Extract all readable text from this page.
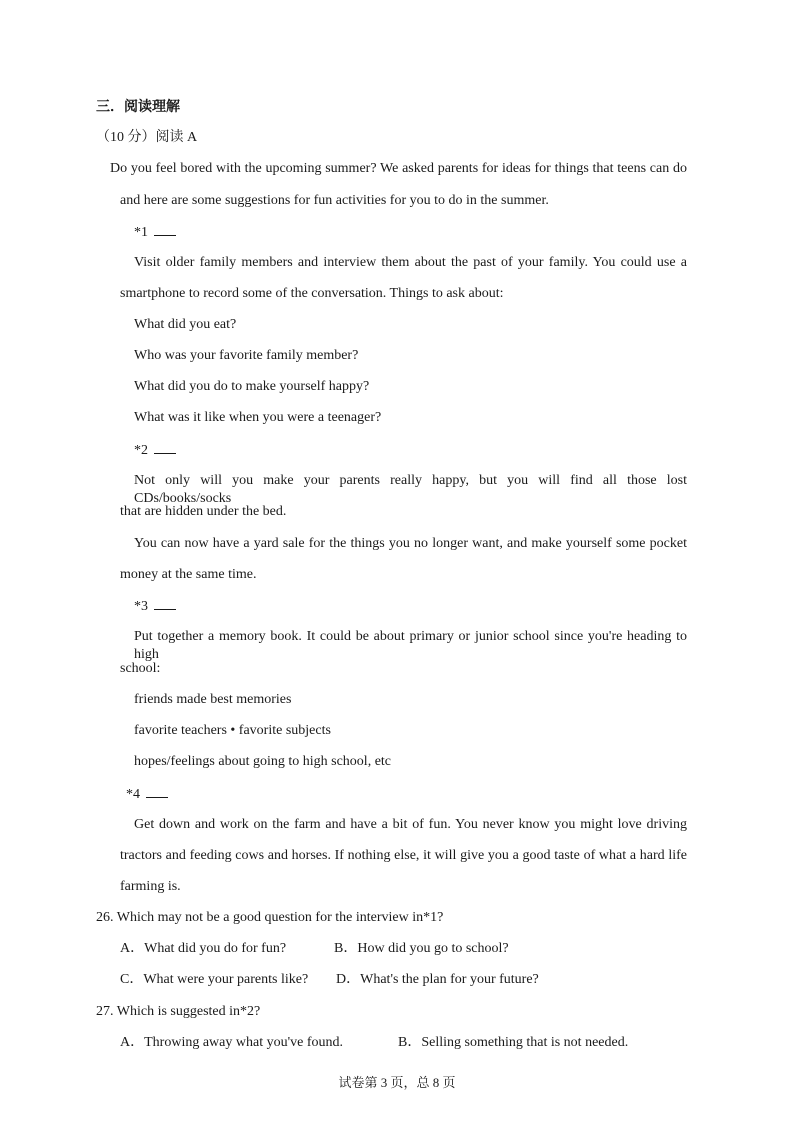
三．阅读理解
（10 分）阅读 A
Do you feel bored with the upcoming summer? We asked parents for ideas for things that teens can do
and here are some suggestions for fun activities for you to do in the summer.
*1
Visit older family members and interview them about the past of your family. You could use a
smartphone to record some of the conversation. Things to ask about:
What did you eat?
Who was your favorite family member?
What did you do to make yourself happy?
What was it like when you were a teenager?
*2
Not only will you make your parents really happy, but you will find all those lost CDs/books/socks
that are hidden under the bed.
You can now have a yard sale for the things you no longer want, and make yourself some pocket
money at the same time.
*3
Put together a memory book. It could be about primary or junior school since you're heading to high
school:
friends made best memories
favorite teachers • favorite subjects
hopes/feelings about going to high school, etc
*4
Get down and work on the farm and have a bit of fun. You never know you might love driving
tractors and feeding cows and horses. If nothing else, it will give you a good taste of what a hard life
farming is.
26. Which may not be a good question for the interview in*1?
A．What did you do for fun?	B．How did you go to school?
C．What were your parents like? D．What's the plan for your future?
27. Which is suggested in*2?
A．Throwing away what you've found.	B．Selling something that is not needed.
试卷第 3 页，总 8 页
